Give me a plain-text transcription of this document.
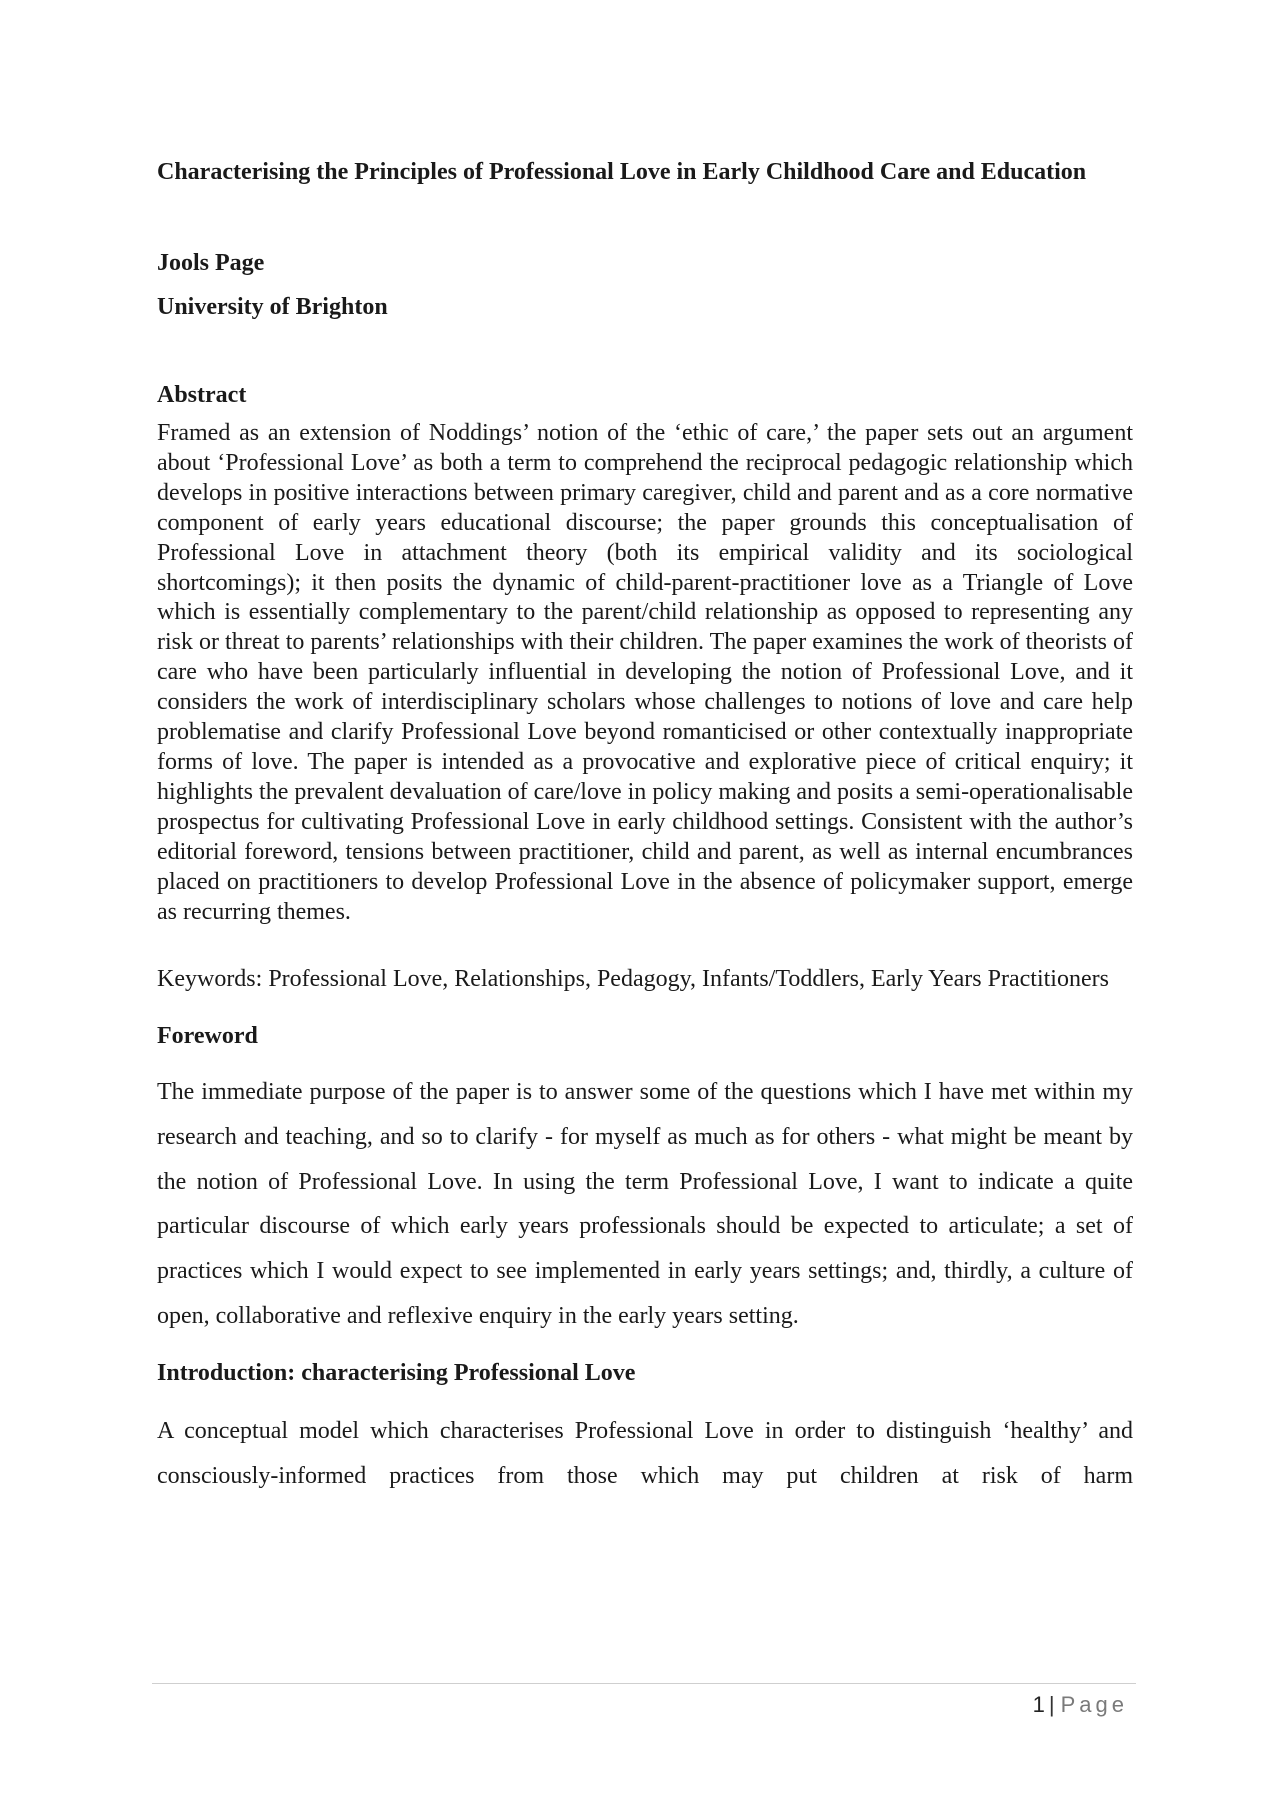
Characterising the Principles of Professional Love in Early Childhood Care and Education

Jools Page

University of Brighton

Abstract

Framed as an extension of Noddings’ notion of the ‘ethic of care,’ the paper sets out an argument about ‘Professional Love’ as both a term to comprehend the reciprocal pedagogic relationship which develops in positive interactions between primary caregiver, child and parent and as a core normative component of early years educational discourse; the paper grounds this conceptualisation of Professional Love in attachment theory (both its empirical validity and its sociological shortcomings); it then posits the dynamic of child-parent-practitioner love as a Triangle of Love which is essentially complementary to the parent/child relationship as opposed to representing any risk or threat to parents’ relationships with their children. The paper examines the work of theorists of care who have been particularly influential in developing the notion of Professional Love, and it considers the work of interdisciplinary scholars whose challenges to notions of love and care help problematise and clarify Professional Love beyond romanticised or other contextually inappropriate forms of love. The paper is intended as a provocative and explorative piece of critical enquiry; it highlights the prevalent devaluation of care/love in policy making and posits a semi-operationalisable prospectus for cultivating Professional Love in early childhood settings. Consistent with the author’s editorial foreword, tensions between practitioner, child and parent, as well as internal encumbrances placed on practitioners to develop Professional Love in the absence of policymaker support, emerge as recurring themes.

Keywords: Professional Love, Relationships, Pedagogy, Infants/Toddlers, Early Years Practitioners

Foreword

The immediate purpose of the paper is to answer some of the questions which I have met within my research and teaching, and so to clarify - for myself as much as for others - what might be meant by the notion of Professional Love. In using the term Professional Love, I want to indicate a quite particular discourse of which early years professionals should be expected to articulate; a set of practices which I would expect to see implemented in early years settings; and, thirdly, a culture of open, collaborative and reflexive enquiry in the early years setting.

Introduction: characterising Professional Love

A conceptual model which characterises Professional Love in order to distinguish ‘healthy’ and consciously-informed practices from those which may put children at risk of harm

1 | Page
